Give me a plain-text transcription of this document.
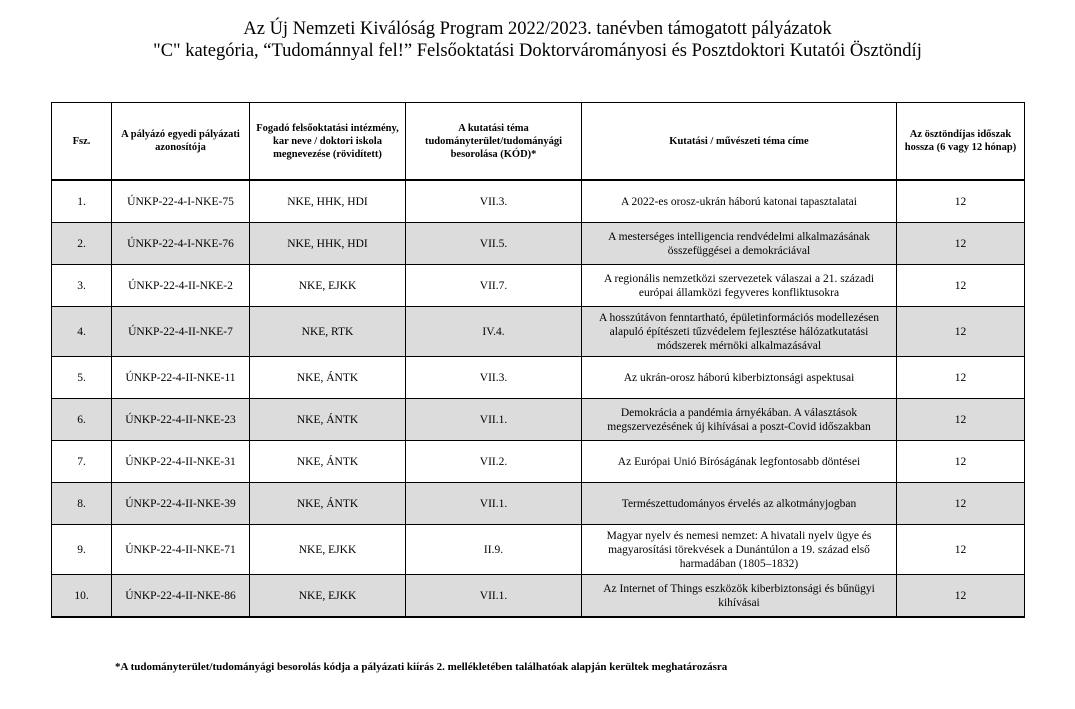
Az Új Nemzeti Kiválóság Program 2022/2023. tanévben támogatott pályázatok
"C" kategória, “Tudománnyal fel!” Felsőoktatási Doktorváromány​osi és Posztdoktori Kutatói Ösztöndíj
Fsz.	A pályázó egyedi pályázati azonosítója	Fogadó felsőoktatási intézmény, kar neve / doktori iskola megnevezése (rövidített)	A kutatási téma tudományterület/tudományági besorolása (KÓD)*	Kutatási / művészeti téma címe	Az ösztöndíjas időszak hossza (6 vagy 12 hónap)
1.	ÚNKP-22-4-I-NKE-75	NKE, HHK, HDI	VII.3.	A 2022-es orosz-ukrán háború katonai tapasztalatai	12
2.	ÚNKP-22-4-I-NKE-76	NKE, HHK, HDI	VII.5.	A mesterséges intelligencia rendvédelmi alkalmazásának összefüggései a demokráciával	12
3.	ÚNKP-22-4-II-NKE-2	NKE, EJKK	VII.7.	A regionális nemzetközi szervezetek válaszai a 21. századi európai államközi fegyveres konfliktusokra	12
4.	ÚNKP-22-4-II-NKE-7	NKE, RTK	IV.4.	A hosszútávon fenntartható, épületinformációs modellezésen alapuló építészeti tűzvédelem fejlesztése hálózatkutatási módszerek mérnöki alkalmazásával	12
5.	ÚNKP-22-4-II-NKE-11	NKE, ÁNTK	VII.3.	Az ukrán-orosz háború kiberbiztonsági aspektusai	12
6.	ÚNKP-22-4-II-NKE-23	NKE, ÁNTK	VII.1.	Demokrácia a pandémia árnyékában. A választások megszervezésének új kihívásai a poszt-Covid időszakban	12
7.	ÚNKP-22-4-II-NKE-31	NKE, ÁNTK	VII.2.	Az Európai Unió Bíróságának legfontosabb döntései	12
8.	ÚNKP-22-4-II-NKE-39	NKE, ÁNTK	VII.1.	Természettudományos érvelés az alkotmányjogban	12
9.	ÚNKP-22-4-II-NKE-71	NKE, EJKK	II.9.	Magyar nyelv és nemesi nemzet: A hivatali nyelv ügye és magyarosítási törekvések a Dunántúlon a 19. század első harmadában (1805–1832)	12
10.	ÚNKP-22-4-II-NKE-86	NKE, EJKK	VII.1.	Az Internet of Things eszközök kiberbiztonsági és bűnügyi kihívásai	12
*A tudományterület/tudományági besorolás kódja a pályázati kiírás 2. mellékletében találhatóak alapján kerültek meghatározásra
